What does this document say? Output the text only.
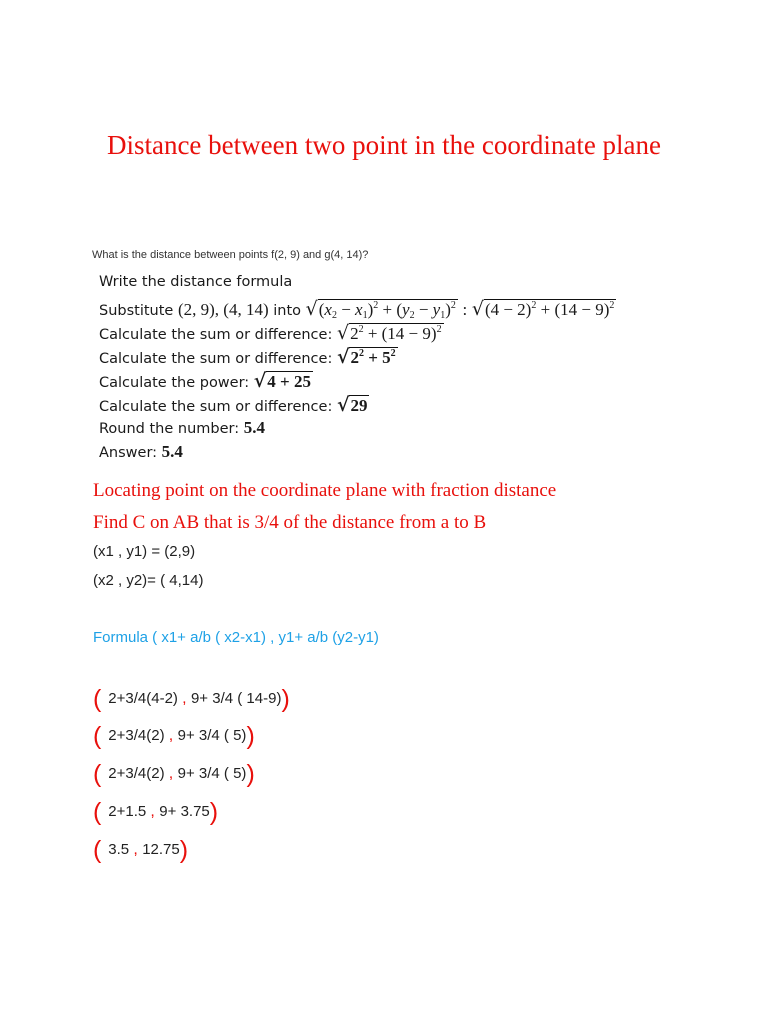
Distance between two point in the coordinate plane
What is the distance between points f(2, 9) and g(4, 14)?
Write the distance formula
Substitute (2, 9), (4, 14) into $√(x_2 - x_1)^2 + (y_2 - y_1)^2$ : $√(4 - 2)^2 + (14 - 9)^2$
Calculate the sum or difference: $√2^2 + (14 - 9)^2$
Calculate the sum or difference: $√2^2 + 5^2$
Calculate the power: √4 + 25
Calculate the sum or difference: √29
Round the number: 5.4
Answer: 5.4
Locating point on the coordinate plane with fraction distance
Find C on AB that is 3/4 of the distance from a to B
(x1 , y1) = (2,9)
(x2 , y2)= ( 4,14)
Formula ( x1+ a/b ( x2-x1) , y1+ a/b (y2-y1)
( 2+3/4(4-2) , 9+ 3/4 ( 14-9))
( 2+3/4(2) , 9+ 3/4 ( 5))
( 2+3/4(2) , 9+ 3/4 ( 5))
( 2+1.5 , 9+ 3.75)
( 3.5 , 12.75)
